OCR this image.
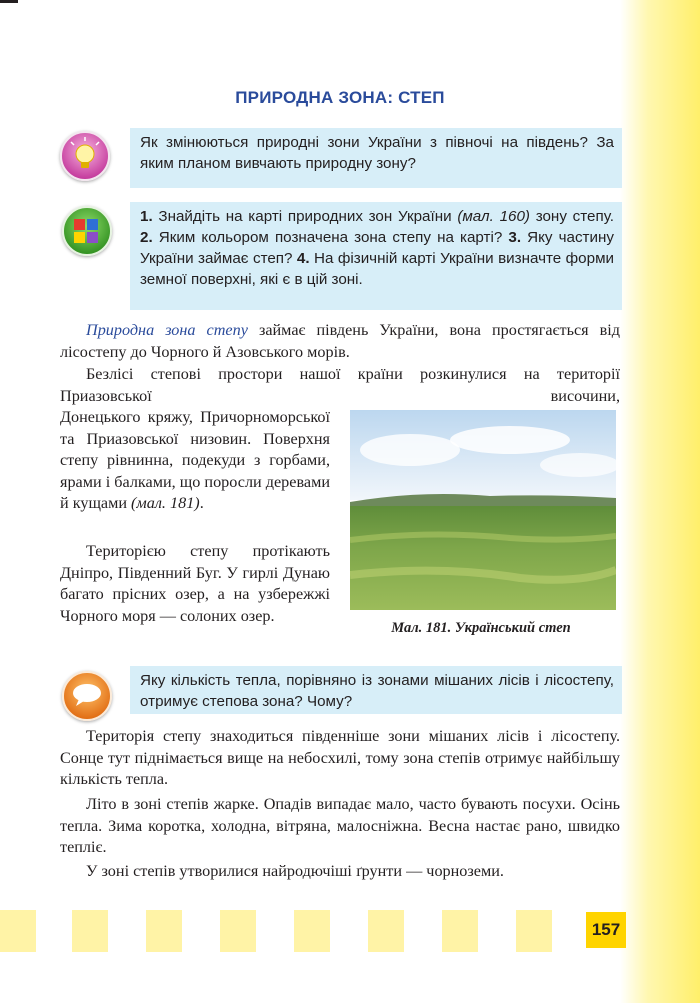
ПРИРОДНА ЗОНА: СТЕП
Як змінюються природні зони України з півночі на південь? За яким планом вивчають природну зону?
1. Знайдіть на карті природних зон України (мал. 160) зону степу. 2. Яким кольором позначена зона степу на карті? 3. Яку частину України займає степ? 4. На фізичній карті України визначте форми земної поверхні, які є в цій зоні.

Природна зона степу займає південь України, вона простягається від лісостепу до Чорного й Азовського морів.

Безлісі степові простори нашої країни розкинулися на території Приазовської височини,

Донецького кряжу, Причорноморської та Приазовської низовин. Поверхня степу рівнинна, подекуди з горбами, ярами і балками, що поросли деревами й кущами (мал. 181).

Територією степу протікають Дніпро, Південний Буг. У гирлі Дунаю багато прісних озер, а на узбережжі Чорного моря — солоних озер.

Мал. 181. Український степ
Яку кількість тепла, порівняно із зонами мішаних лісів і лісостепу, отримує степова зона? Чому?

Територія степу знаходиться південніше зони мішаних лісів і лісостепу. Сонце тут піднімається вище на небосхилі, тому зона степів отримує найбільшу кількість тепла.

Літо в зоні степів жарке. Опадів випадає мало, часто бувають посухи. Осінь тепла. Зима коротка, холодна, вітряна, малосніжна. Весна настає рано, швидко тепліє.

У зоні степів утворилися найродючіші ґрунти — чорноземи.

157
